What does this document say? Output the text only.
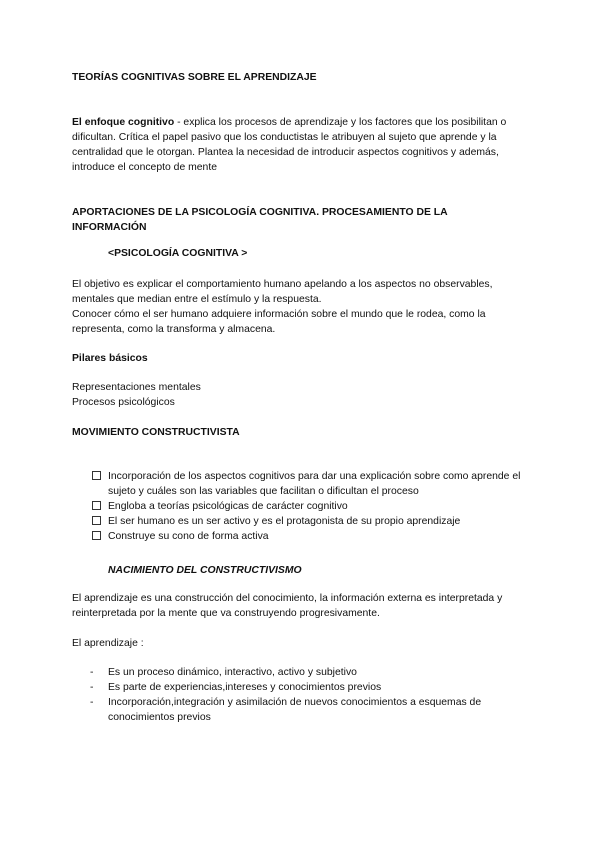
TEORÍAS COGNITIVAS SOBRE EL APRENDIZAJE

El enfoque cognitivo - explica los procesos de aprendizaje y los factores que los posibilitan o dificultan. Crítica el papel pasivo que los conductistas le atribuyen al sujeto que aprende y la centralidad que le otorgan. Plantea la necesidad de introducir aspectos cognitivos y además, introduce el concepto de mente

APORTACIONES DE LA PSICOLOGÍA COGNITIVA. PROCESAMIENTO DE LA INFORMACIÓN
<PSICOLOGÍA COGNITIVA >
El objetivo es explicar el comportamiento humano apelando a los aspectos no observables, mentales que median entre el estímulo y la respuesta.
Conocer cómo el ser humano adquiere información sobre el mundo que le rodea, como la representa, como la transforma y almacena.
Pilares básicos
Representaciones mentales
Procesos psicológicos
MOVIMIENTO CONSTRUCTIVISTA
Incorporación de los aspectos cognitivos para dar una explicación sobre como aprende el sujeto y cuáles son las variables que facilitan o dificultan el proceso
Engloba a teorías psicológicas de carácter cognitivo
El ser humano es un ser activo y es el protagonista de su propio aprendizaje
Construye su cono de forma activa
NACIMIENTO DEL CONSTRUCTIVISMO
El aprendizaje es una construcción del conocimiento, la información externa es interpretada y reinterpretada por la mente que va construyendo progresivamente.
El aprendizaje :
- Es un proceso dinámico, interactivo, activo y subjetivo
- Es parte de experiencias,intereses y conocimientos previos
- Incorporación,integración y asimilación de nuevos conocimientos a esquemas de conocimientos previos
